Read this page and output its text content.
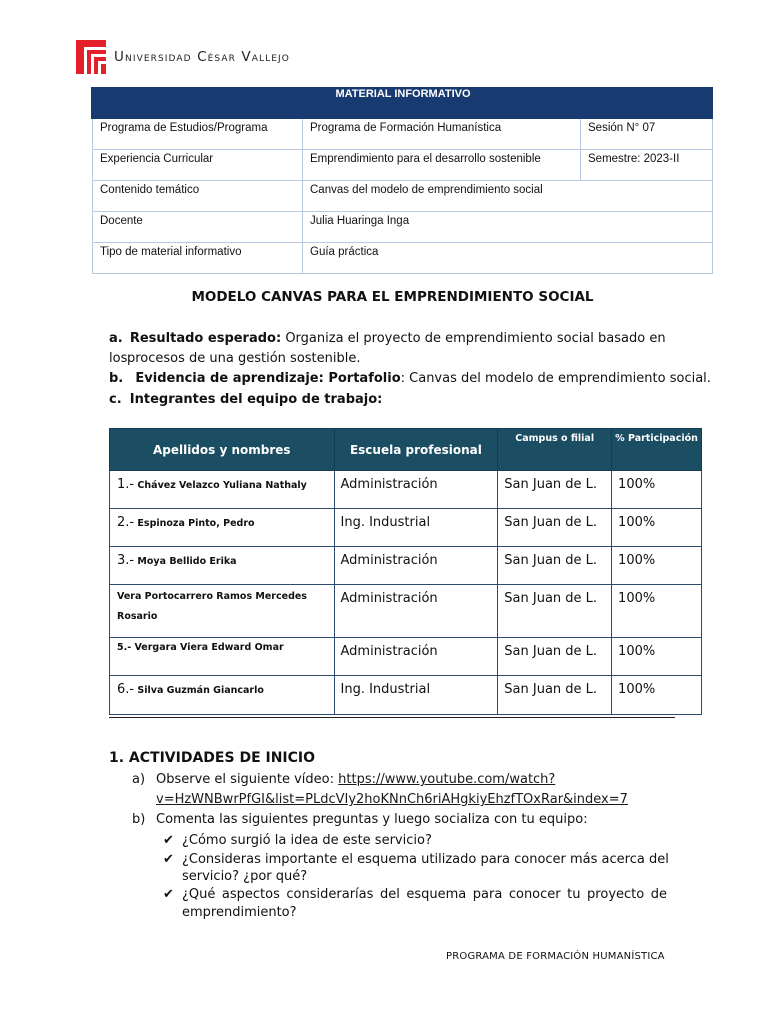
Universidad César Vallejo
MATERIAL INFORMATIVO		

Programa de Estudios/Programa	Programa de Formación Humanística	Sesión N° 07
Experiencia Curricular	Emprendimiento para el desarrollo sostenible	Semestre: 2023-II
Contenido temático	Canvas del modelo de emprendimiento social	
Docente	Julia Huaringa Inga	
Tipo de material informativo	Guía práctica	
MODELO CANVAS PARA EL EMPRENDIMIENTO SOCIAL
a. Resultado esperado: Organiza el proyecto de emprendimiento social basado en los procesos de una gestión sostenible.
b. Evidencia de aprendizaje: Portafolio: Canvas del modelo de emprendimiento social.
c. Integrantes del equipo de trabajo:
Apellidos y nombres	Escuela profesional	Campus o filial	% Participación
1.- Chávez Velazco Yuliana Nathaly	Administración	San Juan de L.	100%
2.- Espinoza Pinto, Pedro	Ing. Industrial	San Juan de L.	100%
3.- Moya Bellido Erika	Administración	San Juan de L.	100%
Vera Portocarrero Ramos Mercedes Rosario	Administración	San Juan de L.	100%
5.- Vergara Viera Edward Omar	Administración	San Juan de L.	100%
6.- Silva Guzmán Giancarlo	Ing. Industrial	San Juan de L.	100%
1. ACTIVIDADES DE INICIO
a) Observe el siguiente vídeo: https://www.youtube.com/watch?
v=HzWNBwrPfGI&list=PLdcVIy2hoKNnCh6riAHgkiyEhzfTOxRar&index=7
b) Comenta las siguientes preguntas y luego socializa con tu equipo:
✔ ¿Cómo surgió la idea de este servicio?
✔ ¿Consideras importante el esquema utilizado para conocer más acerca del
servicio? ¿por qué?
✔ ¿Qué aspectos considerarías del esquema para conocer tu proyecto de
emprendimiento?
PROGRAMA DE FORMACIÓN HUMANÍSTICA
